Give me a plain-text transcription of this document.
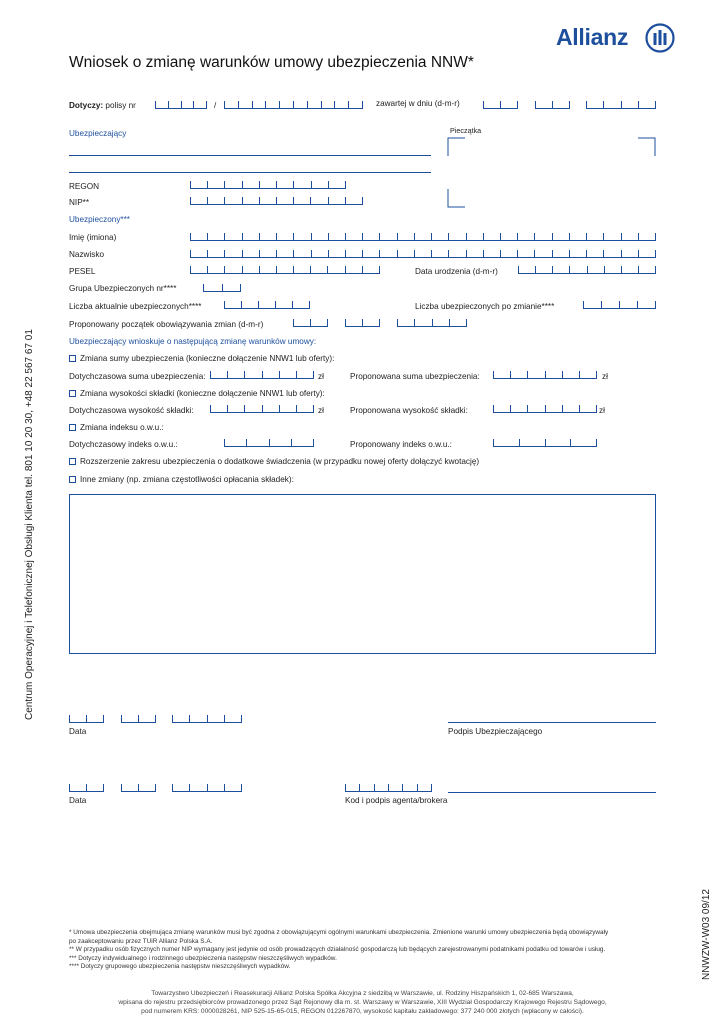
Allianz
Wniosek o zmianę warunków umowy ubezpieczenia NNW*
Centrum Operacyjnej i Telefonicznej Obsługi Klienta tel. 801 10 20 30, +48 22 567 67 01
NNWZW-W03 09/12
Dotyczy: polisy nr	/	zawartej w dniu (d-m-r)
Ubezpieczający	Pieczątka
REGON
NIP**
Ubezpieczony***
Imię (imiona)
Nazwisko
PESEL	Data urodzenia (d-m-r)
Grupa Ubezpieczonych nr****
Liczba aktualnie ubezpieczonych****	Liczba ubezpieczonych po zmianie****
Proponowany początek obowiązywania zmian (d-m-r)
Ubezpieczający wnioskuje o następującą zmianę warunków umowy:
Zmiana sumy ubezpieczenia (konieczne dołączenie NNW1 lub oferty):
Dotychczasowa suma ubezpieczenia:	zł	Proponowana suma ubezpieczenia:	zł
Zmiana wysokości składki (konieczne dołączenie NNW1 lub oferty):
Dotychczasowa wysokość składki:	zł	Proponowana wysokość składki:	zł
Zmiana indeksu o.w.u.:
Dotychczasowy indeks o.w.u.:	Proponowany indeks o.w.u.:
Rozszerzenie zakresu ubezpieczenia o dodatkowe świadczenia (w przypadku nowej oferty dołączyć kwotację)
Inne zmiany (np. zmiana częstotliwości opłacania składek):
Data	Podpis Ubezpieczającego
Data	Kod i podpis agenta/brokera
* Umowa ubezpieczenia obejmująca zmianę warunków musi być zgodna z obowiązującymi ogólnymi warunkami ubezpieczenia. Zmienione warunki umowy ubezpieczenia będą obowiązywały
po zaakceptowaniu przez TUiR Allianz Polska S.A.
** W przypadku osób fizycznych numer NIP wymagany jest jedynie od osób prowadzących działalność gospodarczą lub będących zarejestrowanymi podatnikami podatku od towarów i usług.
*** Dotyczy indywidualnego i rodzinnego ubezpieczenia następstw nieszczęśliwych wypadków.
**** Dotyczy grupowego ubezpieczenia następstw nieszczęśliwych wypadków.
Towarzystwo Ubezpieczeń i Reasekuracji Allianz Polska Spółka Akcyjna z siedzibą w Warszawie, ul. Rodziny Hiszpańskich 1, 02-685 Warszawa,
wpisana do rejestru przedsiębiorców prowadzonego przez Sąd Rejonowy dla m. st. Warszawy w Warszawie, XIII Wydział Gospodarczy Krajowego Rejestru Sądowego,
pod numerem KRS: 0000028261, NIP 525-15-65-015, REGON 012267870, wysokość kapitału zakładowego: 377 240 000 złotych (wpłacony w całości).
